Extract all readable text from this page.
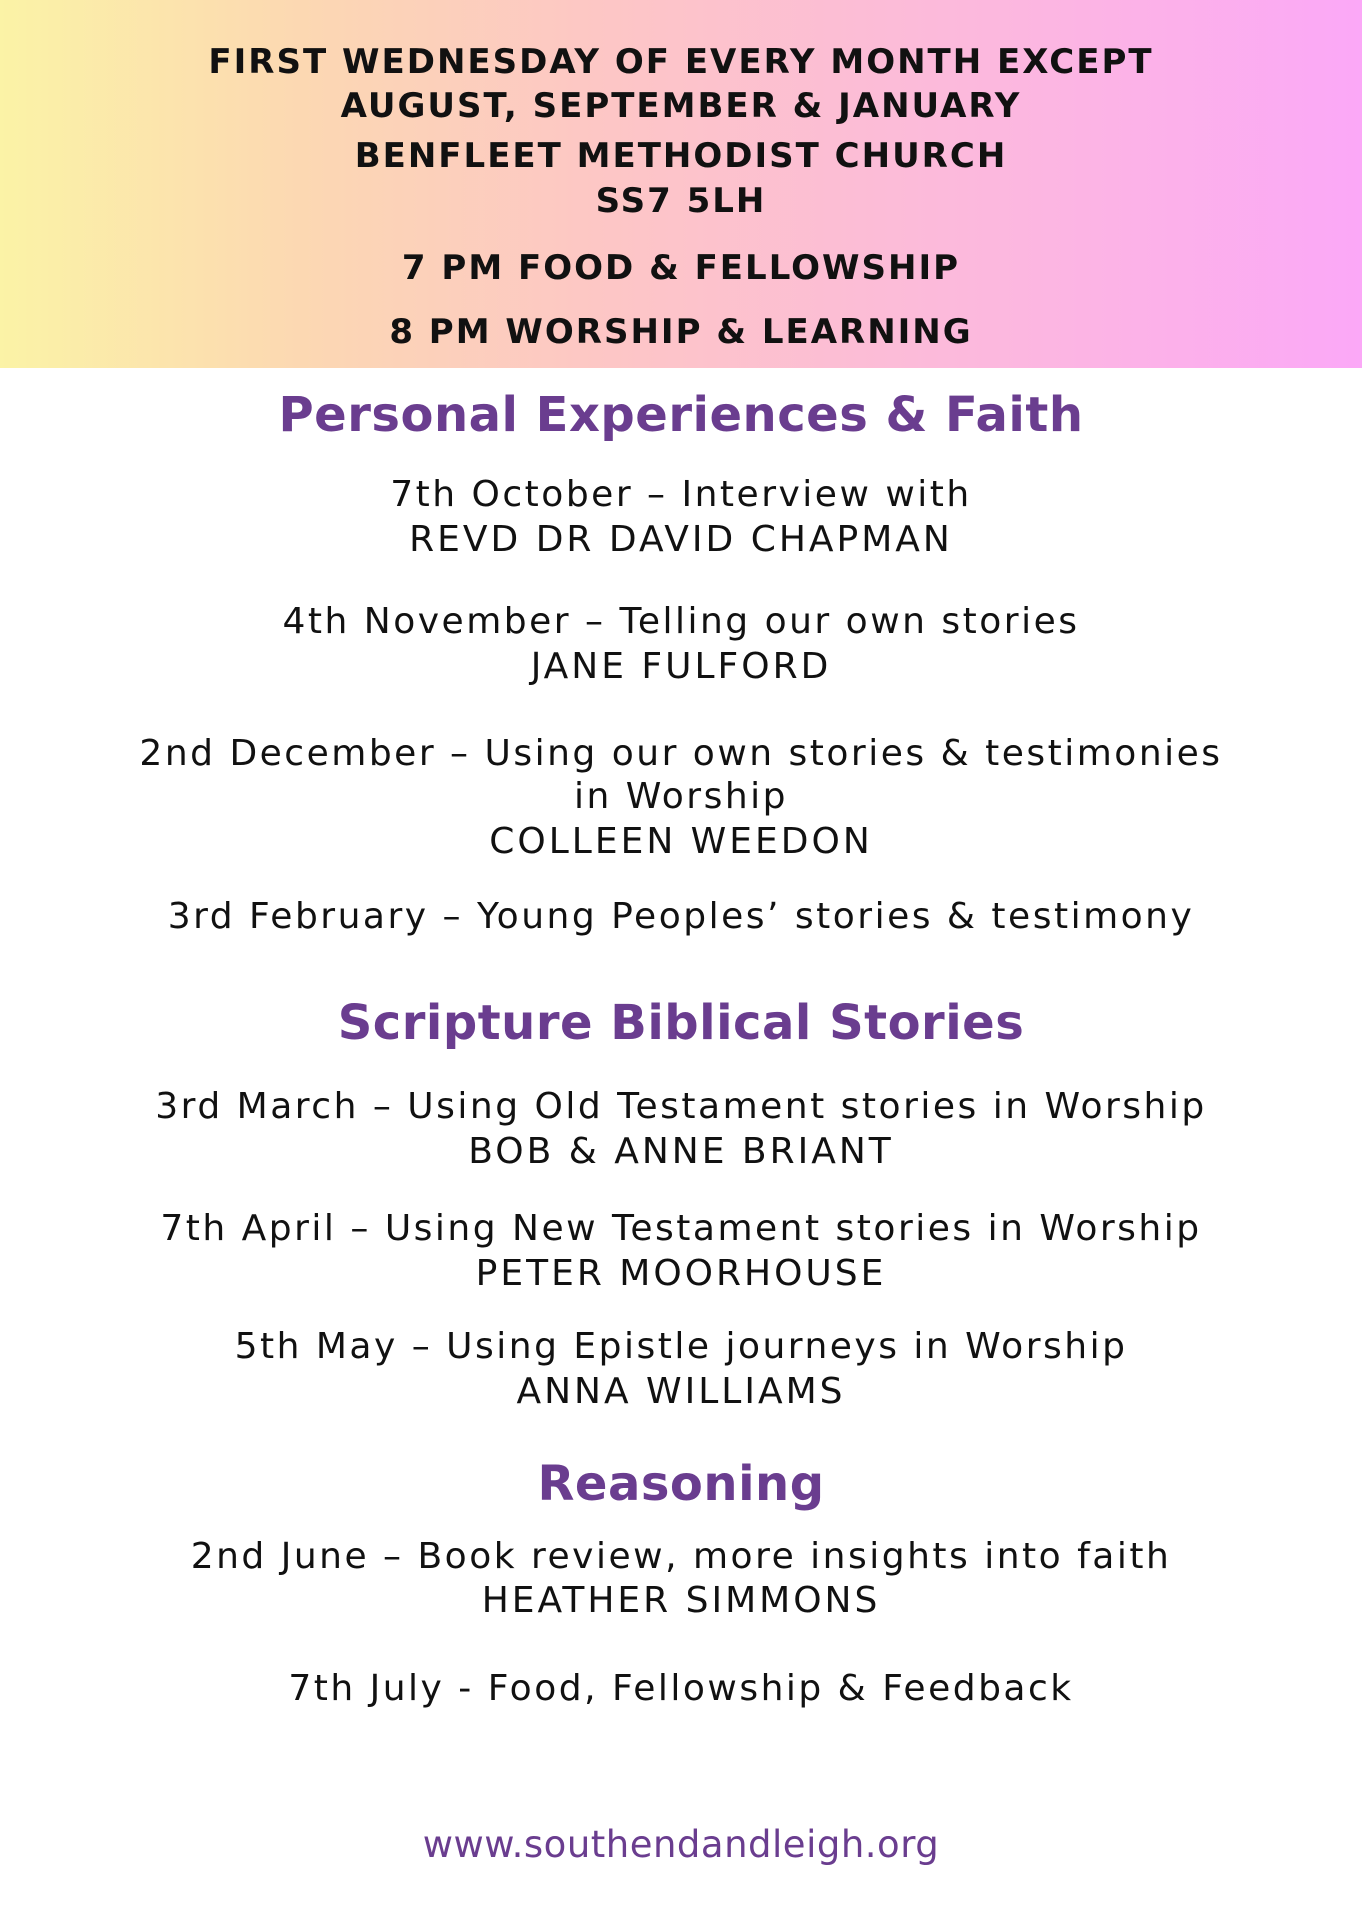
FIRST WEDNESDAY OF EVERY MONTH EXCEPT
AUGUST, SEPTEMBER & JANUARY
BENFLEET METHODIST CHURCH
SS7 5LH
7 PM FOOD & FELLOWSHIP
8 PM WORSHIP & LEARNING
Personal Experiences & Faith
7th October – Interview with
REVD DR DAVID CHAPMAN
4th November – Telling our own stories
JANE FULFORD
2nd December – Using our own stories & testimonies
in Worship
COLLEEN WEEDON
3rd February – Young Peoples’ stories & testimony
Scripture Biblical Stories
3rd March – Using Old Testament stories in Worship
BOB & ANNE BRIANT
7th April – Using New Testament stories in Worship
PETER MOORHOUSE
5th May – Using Epistle journeys in Worship
ANNA WILLIAMS
Reasoning
2nd June – Book review, more insights into faith
HEATHER SIMMONS
7th July - Food, Fellowship & Feedback
www.southendandleigh.org
